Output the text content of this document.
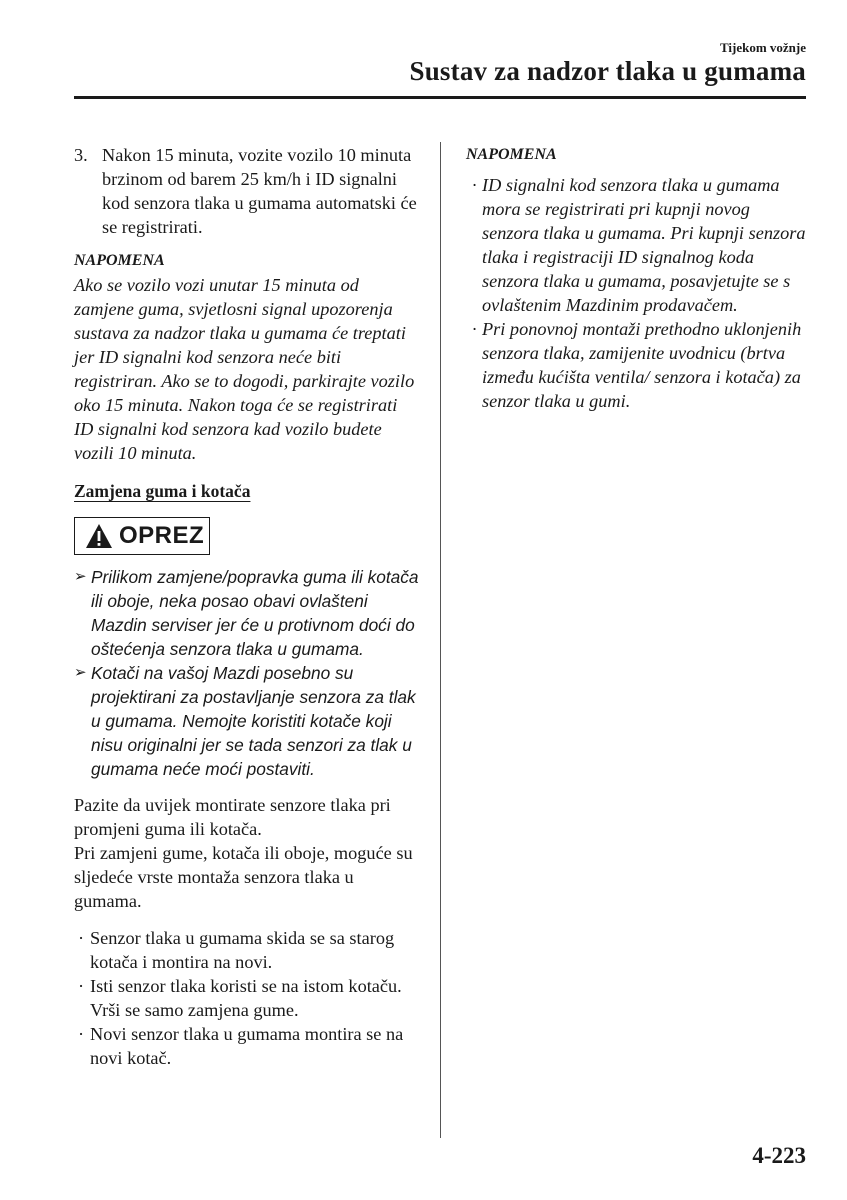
Tijekom vožnje
Sustav za nadzor tlaka u gumama
3. Nakon 15 minuta, vozite vozilo 10 minuta brzinom od barem 25 km/h i ID signalni kod senzora tlaka u gumama automatski će se registrirati.
NAPOMENA
Ako se vozilo vozi unutar 15 minuta od zamjene guma, svjetlosni signal upozorenja sustava za nadzor tlaka u gumama će treptati jer ID signalni kod senzora neće biti registriran. Ako se to dogodi, parkirajte vozilo oko 15 minuta. Nakon toga će se registrirati ID signalni kod senzora kad vozilo budete vozili 10 minuta.
Zamjena guma i kotača
OPREZ
➢ Prilikom zamjene/popravka guma ili kotača ili oboje, neka posao obavi ovlašteni Mazdin serviser jer će u protivnom doći do oštećenja senzora tlaka u gumama.
➢ Kotači na vašoj Mazdi posebno su projektirani za postavljanje senzora za tlak u gumama. Nemojte koristiti kotače koji nisu originalni jer se tada senzori za tlak u gumama neće moći postaviti.
Pazite da uvijek montirate senzore tlaka pri promjeni guma ili kotača.
Pri zamjeni gume, kotača ili oboje, moguće su sljedeće vrste montaža senzora tlaka u gumama.
· Senzor tlaka u gumama skida se sa starog kotača i montira na novi.
· Isti senzor tlaka koristi se na istom kotaču. Vrši se samo zamjena gume.
· Novi senzor tlaka u gumama montira se na novi kotač.
NAPOMENA
· ID signalni kod senzora tlaka u gumama mora se registrirati pri kupnji novog senzora tlaka u gumama. Pri kupnji senzora tlaka i registraciji ID signalnog koda senzora tlaka u gumama, posavjetujte se s ovlaštenim Mazdinim prodavačem.
· Pri ponovnoj montaži prethodno uklonjenih senzora tlaka, zamijenite uvodnicu (brtva između kućišta ventila/ senzora i kotača) za senzor tlaka u gumi.
4-223
